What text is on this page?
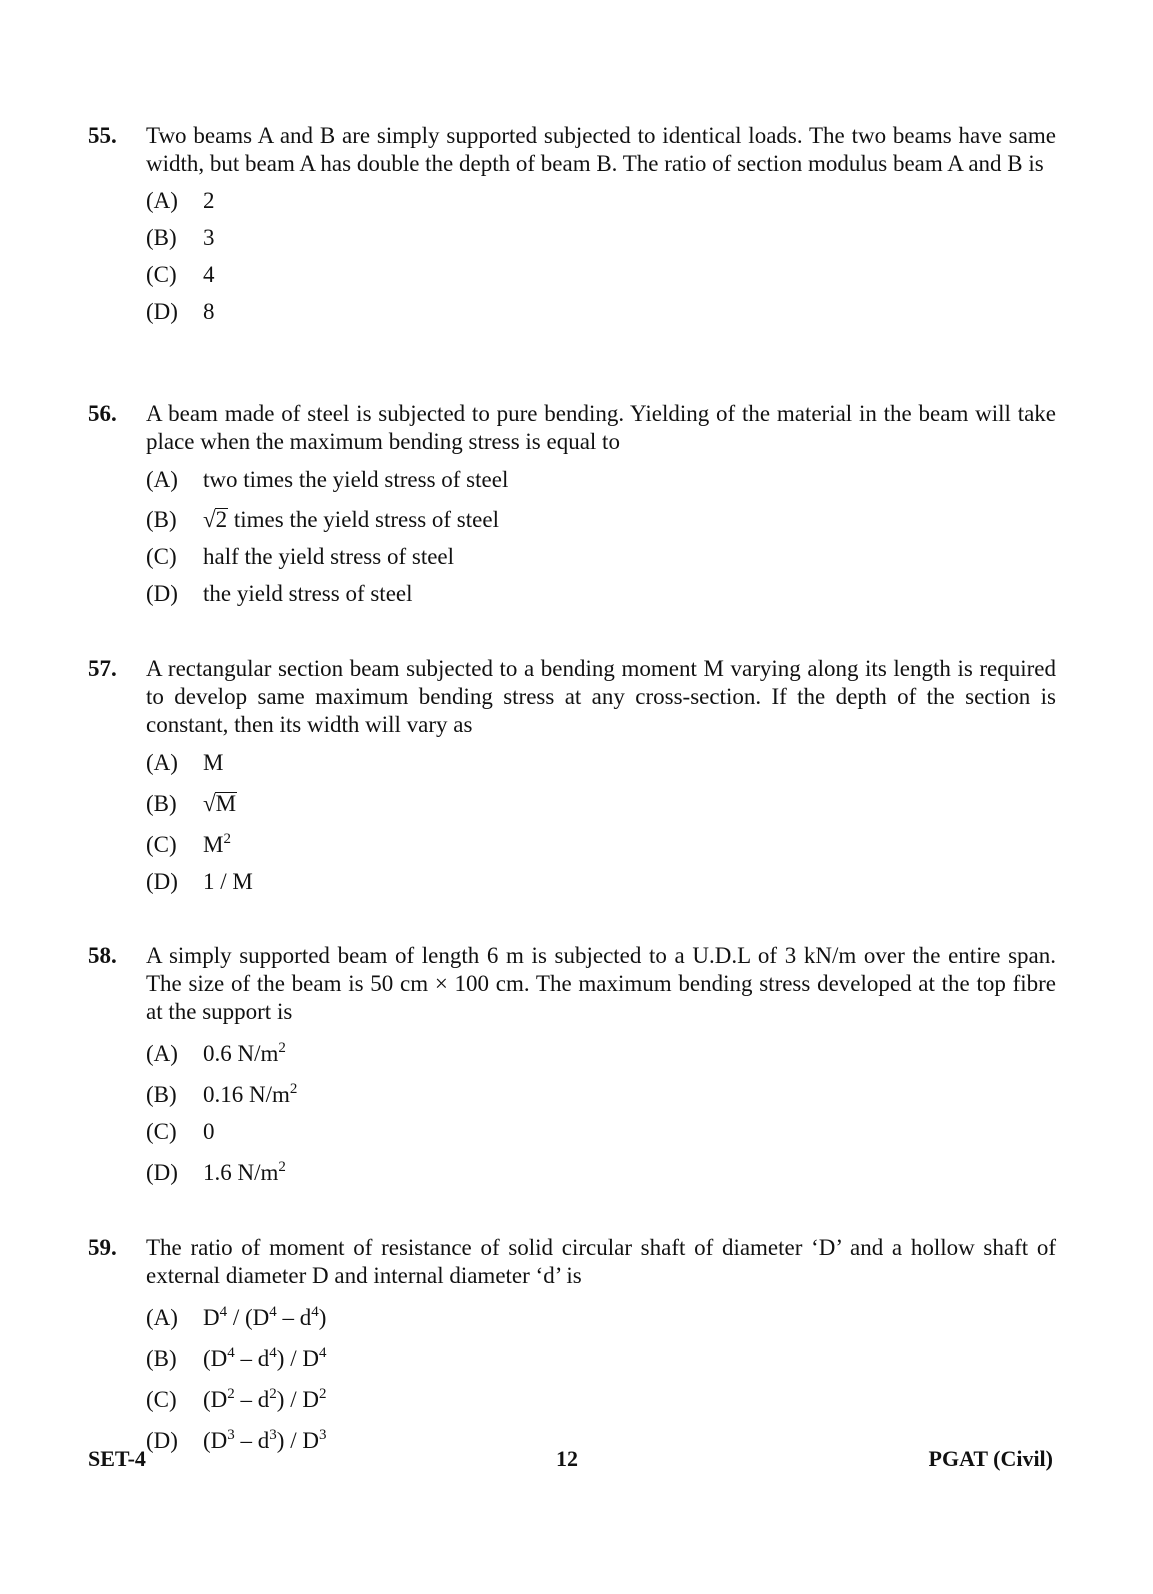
55. Two beams A and B are simply supported subjected to identical loads. The two beams have same width, but beam A has double the depth of beam B. The ratio of section modulus beam A and B is
(A) 2
(B) 3
(C) 4
(D) 8
56. A beam made of steel is subjected to pure bending. Yielding of the material in the beam will take place when the maximum bending stress is equal to
(A) two times the yield stress of steel
(B) √2 times the yield stress of steel
(C) half the yield stress of steel
(D) the yield stress of steel
57. A rectangular section beam subjected to a bending moment M varying along its length is required to develop same maximum bending stress at any cross-section. If the depth of the section is constant, then its width will vary as
(A) M
(B) √M
(C) $M^2$
(D) 1 / M
58. A simply supported beam of length 6 m is subjected to a U.D.L of 3 kN/m over the entire span. The size of the beam is 50 cm × 100 cm. The maximum bending stress developed at the top fibre at the support is
(A) 0.6 $N/m^2$
(B) 0.16 $N/m^2$
(C) 0
(D) 1.6 $N/m^2$
59. The ratio of moment of resistance of solid circular shaft of diameter ‘D’ and a hollow shaft of external diameter D and internal diameter ‘d’ is
(A) $D^4 / (D^4 - d^4)$
(B) $(D^4 - d^4) / D^4$
(C) $(D^2 - d^2) / D^2$
(D) $(D^3 - d^3) / D^3$
SET-4	12	PGAT (Civil)
